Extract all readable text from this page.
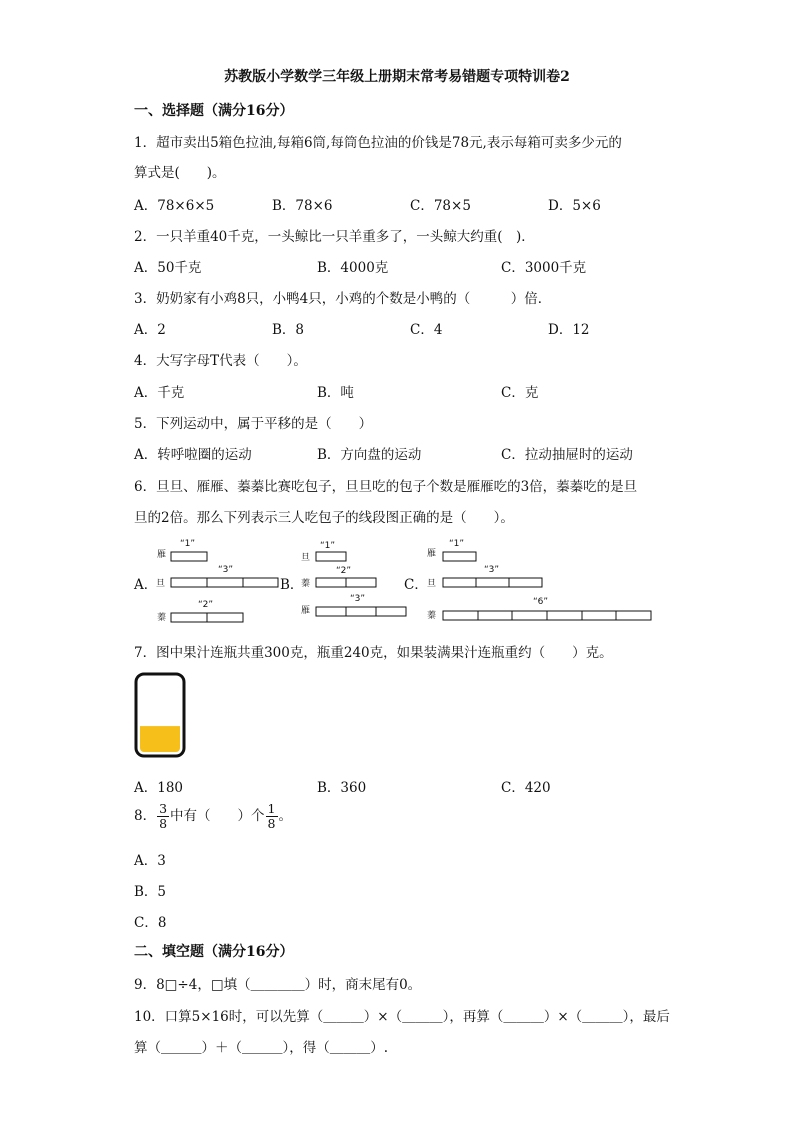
苏教版小学数学三年级上册期末常考易错题专项特训卷2
一、选择题（满分16分）
1．超市卖出5箱色拉油,每箱6筒,每筒色拉油的价钱是78元,表示每箱可卖多少元的
算式是(　　)。
A．78×6×5	B．78×6	C．78×5	D．5×6
2．一只羊重40千克，一头鲸比一只羊重多了，一头鲸大约重(　)．
A．50千克	B．4000克	C．3000千克
3．奶奶家有小鸡8只，小鸭4只，小鸡的个数是小鸭的（　　　）倍．
A．2	B．8	C．4	D．12
4．大写字母T代表（　　）。
A．千克	B．吨	C．克
5．下列运动中，属于平移的是（　　）
A．转呼啦圈的运动	B．方向盘的运动	C．拉动抽屉时的运动
6．旦旦、雁雁、蓁蓁比赛吃包子，旦旦吃的包子个数是雁雁吃的3倍，蓁蓁吃的是旦
旦的2倍。那么下列表示三人吃包子的线段图正确的是（　　）。
雁
旦
蓁
“1”
“3”
“2”
旦
蓁
雁
“1”
“2”
“3”
雁
旦
蓁
“1”
“3”
“6”
A．	B．	C．
7．图中果汁连瓶共重300克，瓶重240克，如果装满果汁连瓶重约（　　）克。
A．180	B．360	C．420
8． $\frac{3}{8}$ 中有（　　）个 $\frac{1}{8}$ 。
A．3
B．5
C．8
二、填空题（满分16分）
9．8□÷4，□填（＿＿＿＿）时，商末尾有0。
10．口算5×16时，可以先算（＿＿＿）×（＿＿＿），再算（＿＿＿）×（＿＿＿），最后
算（＿＿＿）＋（＿＿＿），得（＿＿＿）.
